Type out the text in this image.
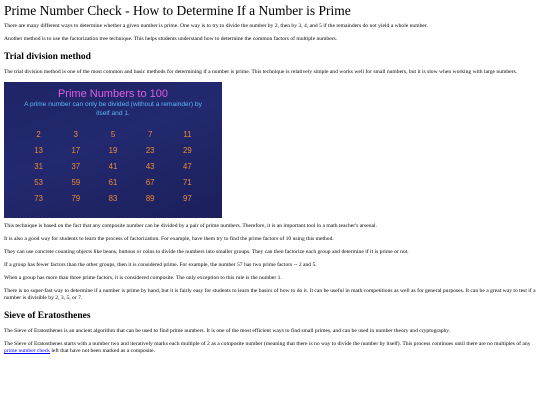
Prime Number Check - How to Determine If a Number is Prime

There are many different ways to determine whether a given number is prime. One way is to try to divide the number by 2, then by 3, 4, and 5 if the remainders do not yield a whole number.

Another method is to use the factorization tree technique. This helps students understand how to determine the common factors of multiple numbers.

Trial division method

The trial division method is one of the most common and basic methods for determining if a number is prime. This technique is relatively simple and works well for small numbers, but it is slow when working with large numbers.

Prime Numbers to 100
A prime number can only be divided (without a remainder) by itself and 1.
2	3	5	7	11
13	17	19	23	29
31	37	41	43	47
53	59	61	67	71
73	79	83	89	97

This technique is based on the fact that any composite number can be divided by a pair of prime numbers. Therefore, it is an important tool in a math teacher's arsenal.

It is also a good way for students to learn the process of factorization. For example, have them try to find the prime factors of 10 using this method.

They can use concrete counting objects like beans, buttons or coins to divide the numbers into smaller groups. They can then factorize each group and determine if it is prime or not.

If a group has fewer factors than the other groups, then it is considered prime. For example, the number 57 has two prime factors -- 2 and 5.

When a group has more than three prime factors, it is considered composite. The only exception to this rule is the number 1.

There is no super-fast way to determine if a number is prime by hand, but it is fairly easy for students to learn the basics of how to do it. It can be useful in math competitions as well as for general purposes. It can be a great way to test if a number is divisible by 2, 3, 5, or 7.

Sieve of Eratosthenes

The Sieve of Eratosthenes is an ancient algorithm that can be used to find prime numbers. It is one of the most efficient ways to find small primes, and can be used in number theory and cryptography.

The Sieve of Eratosthenes starts with a number two and iteratively marks each multiple of 2 as a composite number (meaning that there is no way to divide the number by itself). This process continues until there are no multiples of any prime number check left that have not been marked as a composite.
